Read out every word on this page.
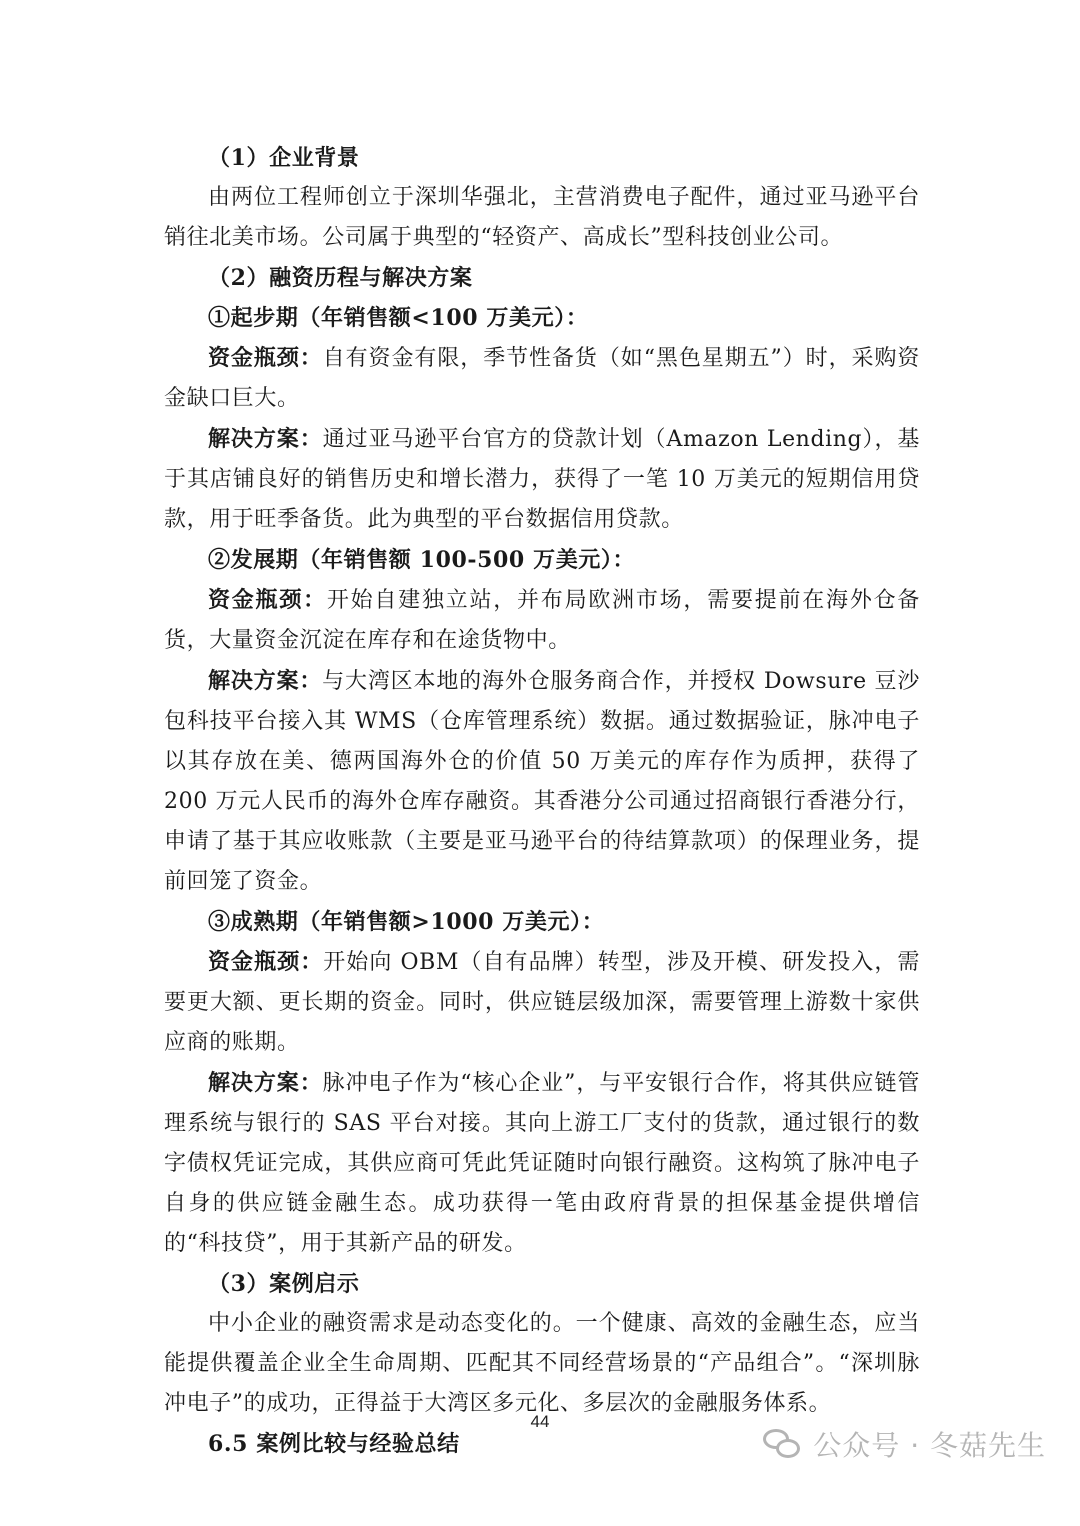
（1）企业背景

由两位工程师创立于深圳华强北，主营消费电子配件，通过亚马逊平台销往北美市场。公司属于典型的“轻资产、高成长”型科技创业公司。

（2）融资历程与解决方案

①起步期（年销售额<100 万美元）：

资金瓶颈：自有资金有限，季节性备货（如“黑色星期五”）时，采购资金缺口巨大。

解决方案：通过亚马逊平台官方的贷款计划（Amazon Lending），基于其店铺良好的销售历史和增长潜力，获得了一笔 10 万美元的短期信用贷款，用于旺季备货。此为典型的平台数据信用贷款。

②发展期（年销售额 100-500 万美元）：

资金瓶颈：开始自建独立站，并布局欧洲市场，需要提前在海外仓备货，大量资金沉淀在库存和在途货物中。

解决方案：与大湾区本地的海外仓服务商合作，并授权 Dowsure 豆沙包科技平台接入其 WMS（仓库管理系统）数据。通过数据验证，脉冲电子以其存放在美、德两国海外仓的价值 50 万美元的库存作为质押，获得了 200 万元人民币的海外仓库存融资。其香港分公司通过招商银行香港分行，申请了基于其应收账款（主要是亚马逊平台的待结算款项）的保理业务，提前回笼了资金。

③成熟期（年销售额>1000 万美元）：

资金瓶颈：开始向 OBM（自有品牌）转型，涉及开模、研发投入，需要更大额、更长期的资金。同时，供应链层级加深，需要管理上游数十家供应商的账期。

解决方案：脉冲电子作为“核心企业”，与平安银行合作，将其供应链管理系统与银行的 SAS 平台对接。其向上游工厂支付的货款，通过银行的数字债权凭证完成，其供应商可凭此凭证随时向银行融资。这构筑了脉冲电子自身的供应链金融生态。成功获得一笔由政府背景的担保基金提供增信的“科技贷”，用于其新产品的研发。

（3）案例启示

中小企业的融资需求是动态变化的。一个健康、高效的金融生态，应当能提供覆盖企业全生命周期、匹配其不同经营场景的“产品组合”。“深圳脉冲电子”的成功，正得益于大湾区多元化、多层次的金融服务体系。

6.5 案例比较与经验总结

44
公众号 · 冬菇先生
